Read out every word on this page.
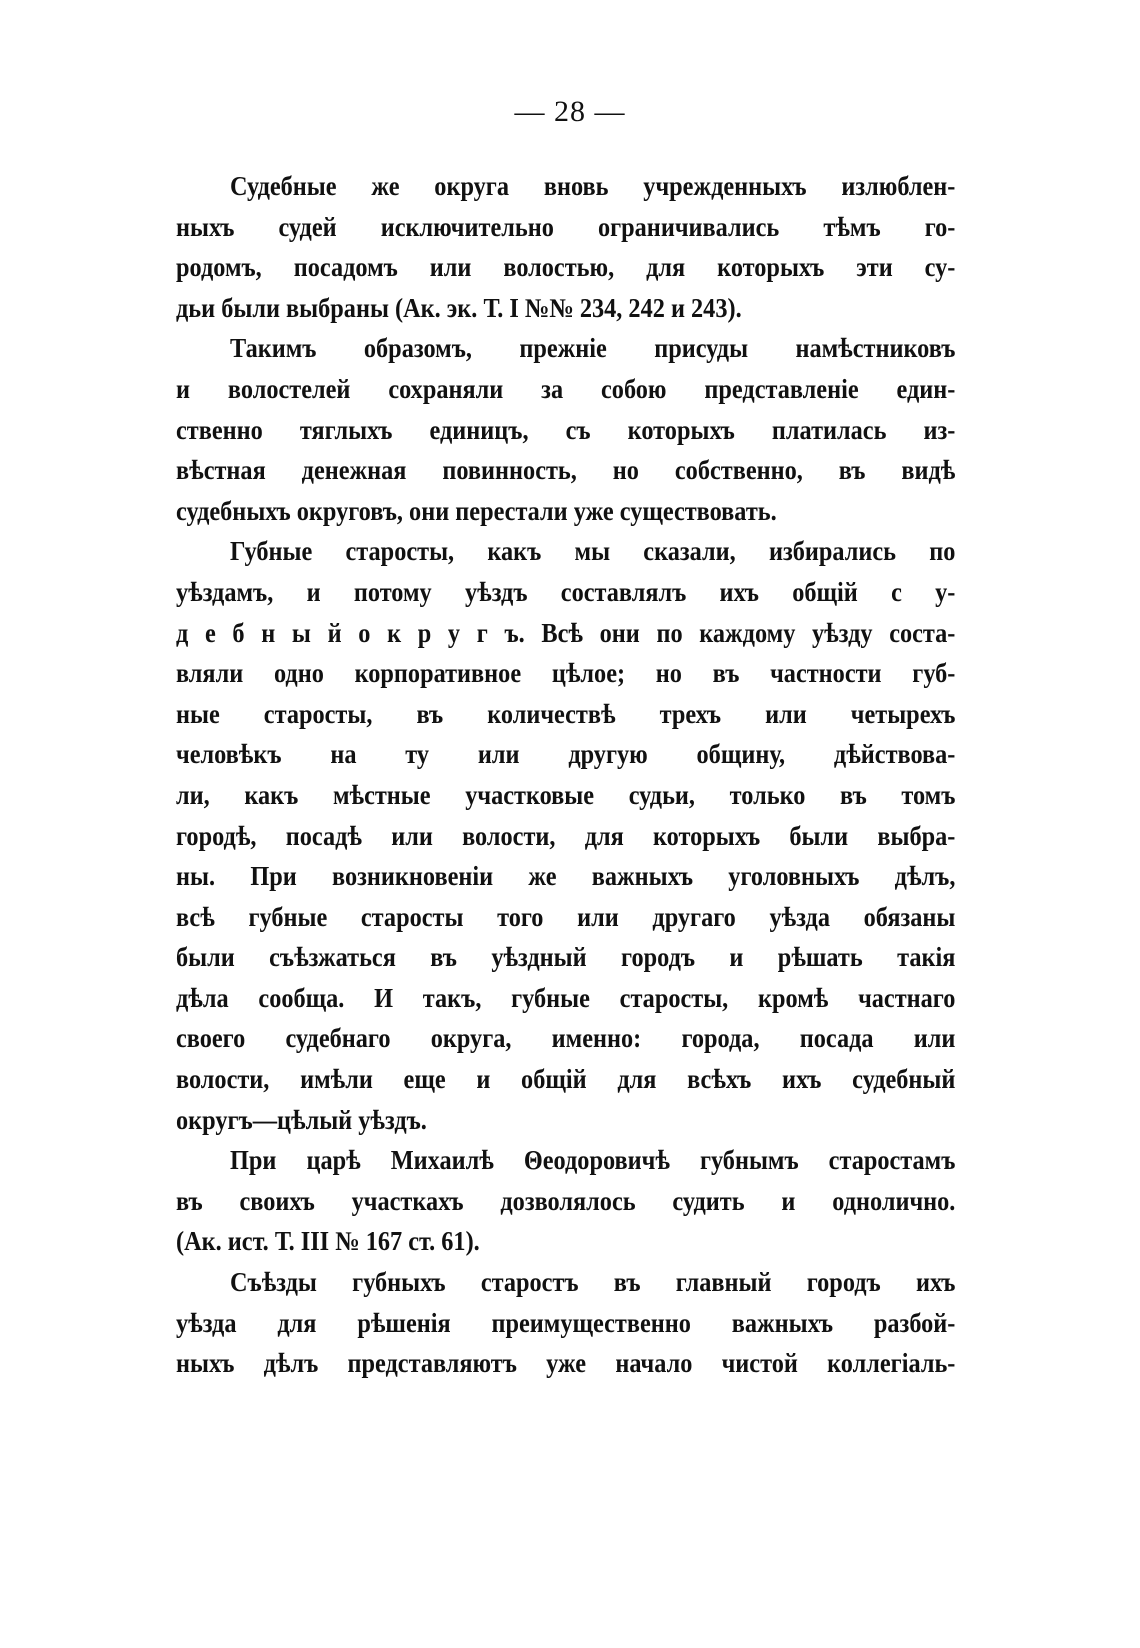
— 28 —
Судебные же округа вновь учрежденныхъ излюблен-
ныхъ судей исключительно ограничивались тѣмъ го-
родомъ, посадомъ или волостью, для которыхъ эти су-
дьи были выбраны (Ак. эк. Т. I №№ 234, 242 и 243).
Такимъ образомъ, прежніе присуды намѣстниковъ
и волостелей сохраняли за собою представленіе един-
ственно тяглыхъ единицъ, съ которыхъ платилась из-
вѣстная денежная повинность, но собственно, въ видѣ
судебныхъ округовъ, они перестали уже существовать.
Губные старосты, какъ мы сказали, избирались по
уѣздамъ, и потому уѣздъ составлялъ ихъ общій с у-
д е б н ы й о к р у г ъ. Всѣ они по каждому уѣзду соста-
вляли одно корпоративное цѣлое; но въ частности губ-
ные старосты, въ количествѣ трехъ или четырехъ
человѣкъ на ту или другую общину, дѣйствова-
ли, какъ мѣстные участковые судьи, только въ томъ
городѣ, посадѣ или волости, для которыхъ были выбра-
ны. При возникновеніи же важныхъ уголовныхъ дѣлъ,
всѣ губные старосты того или другаго уѣзда обязаны
были съѣзжаться въ уѣздный городъ и рѣшать такія
дѣла сообща. И такъ, губные старосты, кромѣ частнаго
своего судебнаго округа, именно: города, посада или
волости, имѣли еще и общій для всѣхъ ихъ судебный
округъ—цѣлый уѣздъ.
При царѣ Михаилѣ Θеодоровичѣ губнымъ старостамъ
въ своихъ участкахъ дозволялось судить и однолично.
(Ак. ист. Т. III № 167 ст. 61).
Съѣзды губныхъ старостъ въ главный городъ ихъ
уѣзда для рѣшенія преимущественно важныхъ разбой-
ныхъ дѣлъ представляютъ уже начало чистой коллегіаль-
